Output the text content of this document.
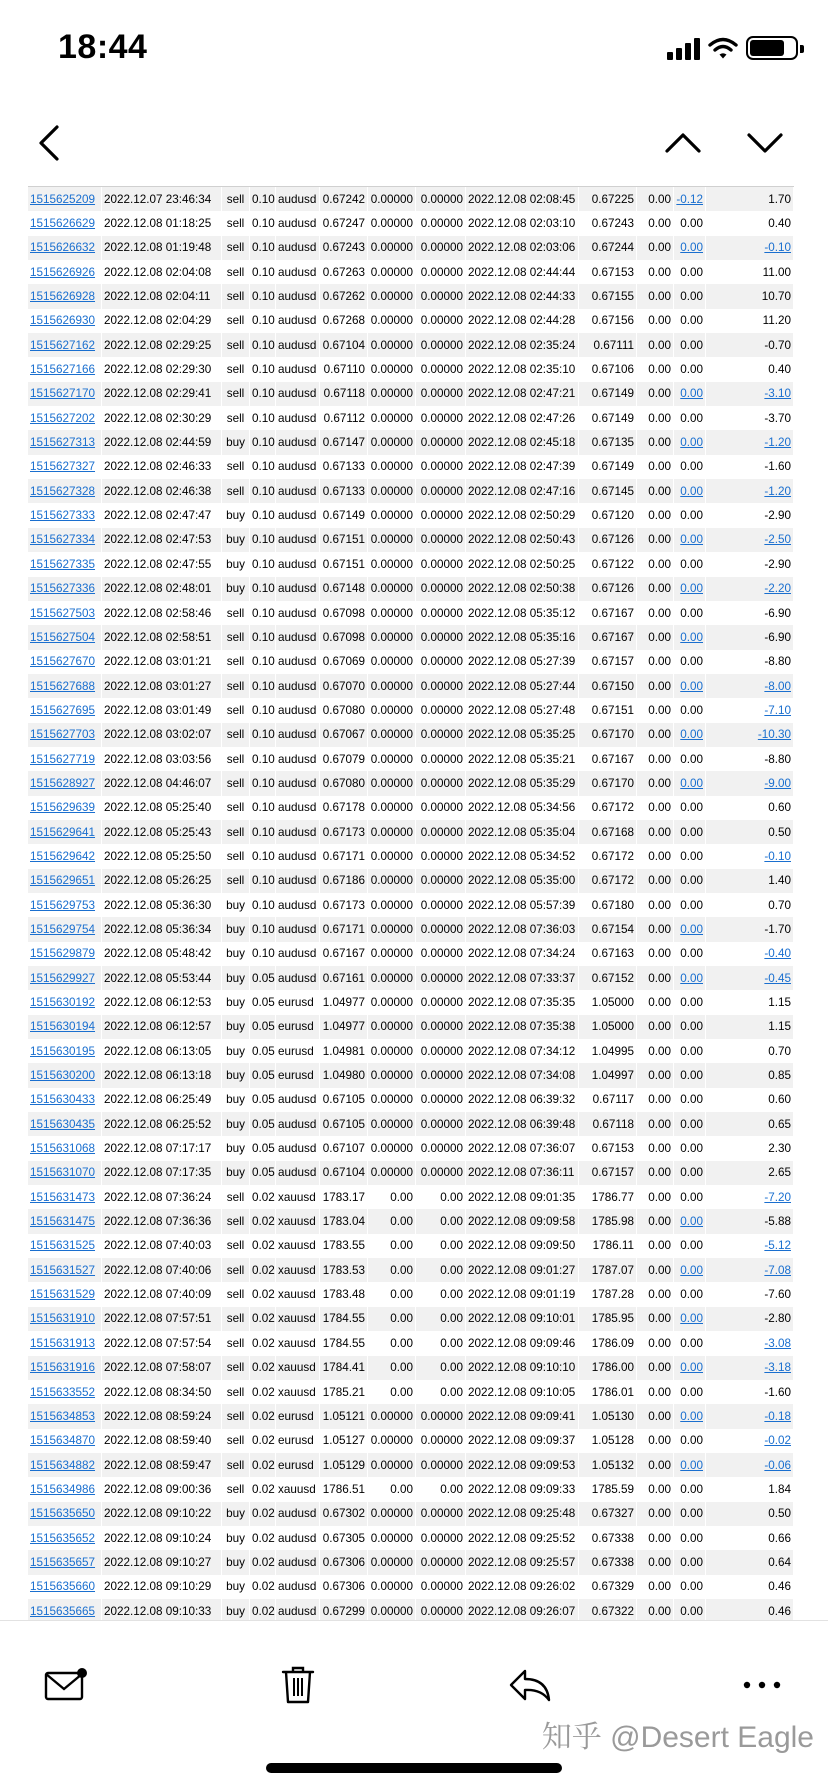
18:44
1515625209	2022.12.07 23:46:34	sell	0.10	audusd	0.67242	0.00000	0.00000	2022.12.08 02:08:45	0.67225	0.00	-0.12	1.70
1515626629	2022.12.08 01:18:25	sell	0.10	audusd	0.67247	0.00000	0.00000	2022.12.08 02:03:10	0.67243	0.00	0.00	0.40
1515626632	2022.12.08 01:19:48	sell	0.10	audusd	0.67243	0.00000	0.00000	2022.12.08 02:03:06	0.67244	0.00	0.00	-0.10
1515626926	2022.12.08 02:04:08	sell	0.10	audusd	0.67263	0.00000	0.00000	2022.12.08 02:44:44	0.67153	0.00	0.00	11.00
1515626928	2022.12.08 02:04:11	sell	0.10	audusd	0.67262	0.00000	0.00000	2022.12.08 02:44:33	0.67155	0.00	0.00	10.70
1515626930	2022.12.08 02:04:29	sell	0.10	audusd	0.67268	0.00000	0.00000	2022.12.08 02:44:28	0.67156	0.00	0.00	11.20
1515627162	2022.12.08 02:29:25	sell	0.10	audusd	0.67104	0.00000	0.00000	2022.12.08 02:35:24	0.67111	0.00	0.00	-0.70
1515627166	2022.12.08 02:29:30	sell	0.10	audusd	0.67110	0.00000	0.00000	2022.12.08 02:35:10	0.67106	0.00	0.00	0.40
1515627170	2022.12.08 02:29:41	sell	0.10	audusd	0.67118	0.00000	0.00000	2022.12.08 02:47:21	0.67149	0.00	0.00	-3.10
1515627202	2022.12.08 02:30:29	sell	0.10	audusd	0.67112	0.00000	0.00000	2022.12.08 02:47:26	0.67149	0.00	0.00	-3.70
1515627313	2022.12.08 02:44:59	buy	0.10	audusd	0.67147	0.00000	0.00000	2022.12.08 02:45:18	0.67135	0.00	0.00	-1.20
1515627327	2022.12.08 02:46:33	sell	0.10	audusd	0.67133	0.00000	0.00000	2022.12.08 02:47:39	0.67149	0.00	0.00	-1.60
1515627328	2022.12.08 02:46:38	sell	0.10	audusd	0.67133	0.00000	0.00000	2022.12.08 02:47:16	0.67145	0.00	0.00	-1.20
1515627333	2022.12.08 02:47:47	buy	0.10	audusd	0.67149	0.00000	0.00000	2022.12.08 02:50:29	0.67120	0.00	0.00	-2.90
1515627334	2022.12.08 02:47:53	buy	0.10	audusd	0.67151	0.00000	0.00000	2022.12.08 02:50:43	0.67126	0.00	0.00	-2.50
1515627335	2022.12.08 02:47:55	buy	0.10	audusd	0.67151	0.00000	0.00000	2022.12.08 02:50:25	0.67122	0.00	0.00	-2.90
1515627336	2022.12.08 02:48:01	buy	0.10	audusd	0.67148	0.00000	0.00000	2022.12.08 02:50:38	0.67126	0.00	0.00	-2.20
1515627503	2022.12.08 02:58:46	sell	0.10	audusd	0.67098	0.00000	0.00000	2022.12.08 05:35:12	0.67167	0.00	0.00	-6.90
1515627504	2022.12.08 02:58:51	sell	0.10	audusd	0.67098	0.00000	0.00000	2022.12.08 05:35:16	0.67167	0.00	0.00	-6.90
1515627670	2022.12.08 03:01:21	sell	0.10	audusd	0.67069	0.00000	0.00000	2022.12.08 05:27:39	0.67157	0.00	0.00	-8.80
1515627688	2022.12.08 03:01:27	sell	0.10	audusd	0.67070	0.00000	0.00000	2022.12.08 05:27:44	0.67150	0.00	0.00	-8.00
1515627695	2022.12.08 03:01:49	sell	0.10	audusd	0.67080	0.00000	0.00000	2022.12.08 05:27:48	0.67151	0.00	0.00	-7.10
1515627703	2022.12.08 03:02:07	sell	0.10	audusd	0.67067	0.00000	0.00000	2022.12.08 05:35:25	0.67170	0.00	0.00	-10.30
1515627719	2022.12.08 03:03:56	sell	0.10	audusd	0.67079	0.00000	0.00000	2022.12.08 05:35:21	0.67167	0.00	0.00	-8.80
1515628927	2022.12.08 04:46:07	sell	0.10	audusd	0.67080	0.00000	0.00000	2022.12.08 05:35:29	0.67170	0.00	0.00	-9.00
1515629639	2022.12.08 05:25:40	sell	0.10	audusd	0.67178	0.00000	0.00000	2022.12.08 05:34:56	0.67172	0.00	0.00	0.60
1515629641	2022.12.08 05:25:43	sell	0.10	audusd	0.67173	0.00000	0.00000	2022.12.08 05:35:04	0.67168	0.00	0.00	0.50
1515629642	2022.12.08 05:25:50	sell	0.10	audusd	0.67171	0.00000	0.00000	2022.12.08 05:34:52	0.67172	0.00	0.00	-0.10
1515629651	2022.12.08 05:26:25	sell	0.10	audusd	0.67186	0.00000	0.00000	2022.12.08 05:35:00	0.67172	0.00	0.00	1.40
1515629753	2022.12.08 05:36:30	buy	0.10	audusd	0.67173	0.00000	0.00000	2022.12.08 05:57:39	0.67180	0.00	0.00	0.70
1515629754	2022.12.08 05:36:34	buy	0.10	audusd	0.67171	0.00000	0.00000	2022.12.08 07:36:03	0.67154	0.00	0.00	-1.70
1515629879	2022.12.08 05:48:42	buy	0.10	audusd	0.67167	0.00000	0.00000	2022.12.08 07:34:24	0.67163	0.00	0.00	-0.40
1515629927	2022.12.08 05:53:44	buy	0.05	audusd	0.67161	0.00000	0.00000	2022.12.08 07:33:37	0.67152	0.00	0.00	-0.45
1515630192	2022.12.08 06:12:53	buy	0.05	eurusd	1.04977	0.00000	0.00000	2022.12.08 07:35:35	1.05000	0.00	0.00	1.15
1515630194	2022.12.08 06:12:57	buy	0.05	eurusd	1.04977	0.00000	0.00000	2022.12.08 07:35:38	1.05000	0.00	0.00	1.15
1515630195	2022.12.08 06:13:05	buy	0.05	eurusd	1.04981	0.00000	0.00000	2022.12.08 07:34:12	1.04995	0.00	0.00	0.70
1515630200	2022.12.08 06:13:18	buy	0.05	eurusd	1.04980	0.00000	0.00000	2022.12.08 07:34:08	1.04997	0.00	0.00	0.85
1515630433	2022.12.08 06:25:49	buy	0.05	audusd	0.67105	0.00000	0.00000	2022.12.08 06:39:32	0.67117	0.00	0.00	0.60
1515630435	2022.12.08 06:25:52	buy	0.05	audusd	0.67105	0.00000	0.00000	2022.12.08 06:39:48	0.67118	0.00	0.00	0.65
1515631068	2022.12.08 07:17:17	buy	0.05	audusd	0.67107	0.00000	0.00000	2022.12.08 07:36:07	0.67153	0.00	0.00	2.30
1515631070	2022.12.08 07:17:35	buy	0.05	audusd	0.67104	0.00000	0.00000	2022.12.08 07:36:11	0.67157	0.00	0.00	2.65
1515631473	2022.12.08 07:36:24	sell	0.02	xauusd	1783.17	0.00	0.00	2022.12.08 09:01:35	1786.77	0.00	0.00	-7.20
1515631475	2022.12.08 07:36:36	sell	0.02	xauusd	1783.04	0.00	0.00	2022.12.08 09:09:58	1785.98	0.00	0.00	-5.88
1515631525	2022.12.08 07:40:03	sell	0.02	xauusd	1783.55	0.00	0.00	2022.12.08 09:09:50	1786.11	0.00	0.00	-5.12
1515631527	2022.12.08 07:40:06	sell	0.02	xauusd	1783.53	0.00	0.00	2022.12.08 09:01:27	1787.07	0.00	0.00	-7.08
1515631529	2022.12.08 07:40:09	sell	0.02	xauusd	1783.48	0.00	0.00	2022.12.08 09:01:19	1787.28	0.00	0.00	-7.60
1515631910	2022.12.08 07:57:51	sell	0.02	xauusd	1784.55	0.00	0.00	2022.12.08 09:10:01	1785.95	0.00	0.00	-2.80
1515631913	2022.12.08 07:57:54	sell	0.02	xauusd	1784.55	0.00	0.00	2022.12.08 09:09:46	1786.09	0.00	0.00	-3.08
1515631916	2022.12.08 07:58:07	sell	0.02	xauusd	1784.41	0.00	0.00	2022.12.08 09:10:10	1786.00	0.00	0.00	-3.18
1515633552	2022.12.08 08:34:50	sell	0.02	xauusd	1785.21	0.00	0.00	2022.12.08 09:10:05	1786.01	0.00	0.00	-1.60
1515634853	2022.12.08 08:59:24	sell	0.02	eurusd	1.05121	0.00000	0.00000	2022.12.08 09:09:41	1.05130	0.00	0.00	-0.18
1515634870	2022.12.08 08:59:40	sell	0.02	eurusd	1.05127	0.00000	0.00000	2022.12.08 09:09:37	1.05128	0.00	0.00	-0.02
1515634882	2022.12.08 08:59:47	sell	0.02	eurusd	1.05129	0.00000	0.00000	2022.12.08 09:09:53	1.05132	0.00	0.00	-0.06
1515634986	2022.12.08 09:00:36	sell	0.02	xauusd	1786.51	0.00	0.00	2022.12.08 09:09:33	1785.59	0.00	0.00	1.84
1515635650	2022.12.08 09:10:22	buy	0.02	audusd	0.67302	0.00000	0.00000	2022.12.08 09:25:48	0.67327	0.00	0.00	0.50
1515635652	2022.12.08 09:10:24	buy	0.02	audusd	0.67305	0.00000	0.00000	2022.12.08 09:25:52	0.67338	0.00	0.00	0.66
1515635657	2022.12.08 09:10:27	buy	0.02	audusd	0.67306	0.00000	0.00000	2022.12.08 09:25:57	0.67338	0.00	0.00	0.64
1515635660	2022.12.08 09:10:29	buy	0.02	audusd	0.67306	0.00000	0.00000	2022.12.08 09:26:02	0.67329	0.00	0.00	0.46
1515635665	2022.12.08 09:10:33	buy	0.02	audusd	0.67299	0.00000	0.00000	2022.12.08 09:26:07	0.67322	0.00	0.00	0.46
知乎 @Desert Eagle
